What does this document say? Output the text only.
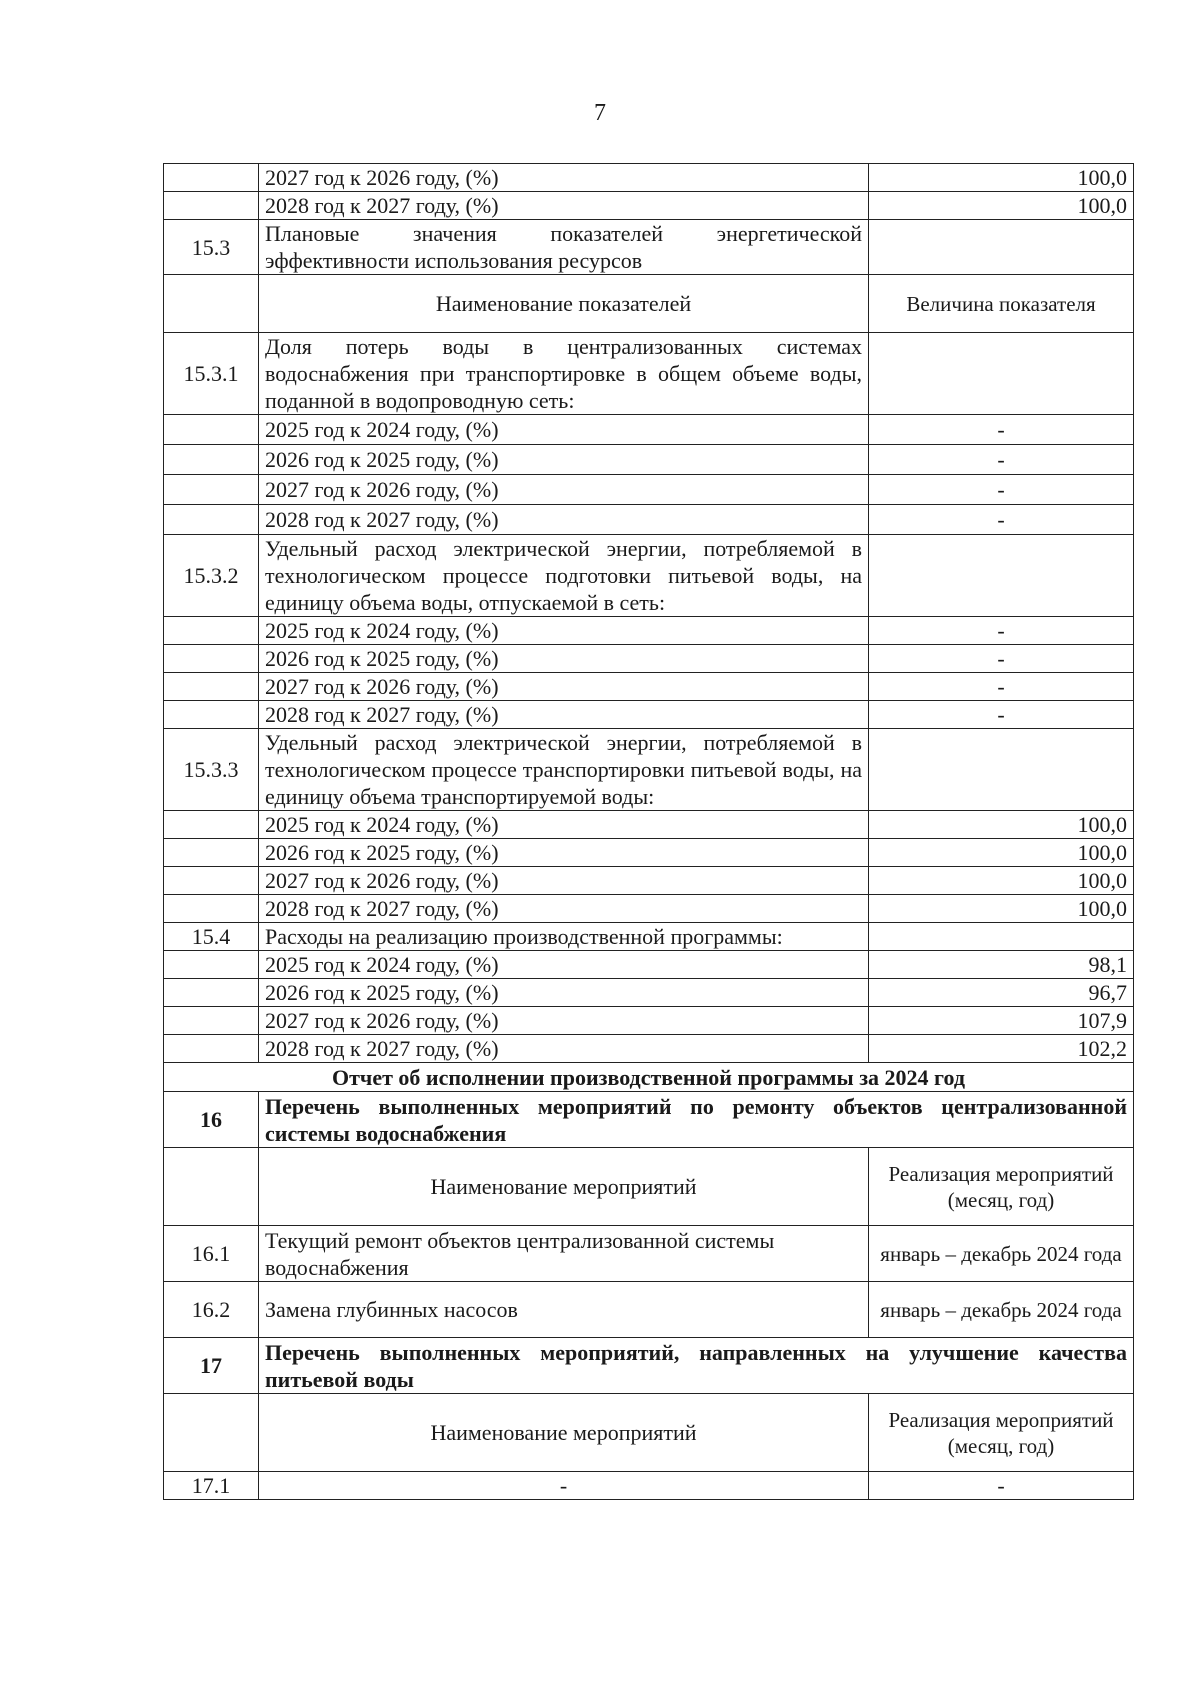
7
	2027 год к 2026 году, (%)	100,0
	2028 год к 2027 году, (%)	100,0
15.3	Плановые значения показателей энергетической эффективности использования ресурсов	
	Наименование показателей	Величина показателя
15.3.1	Доля потерь воды в централизованных системах водоснабжения при транспортировке в общем объеме воды, поданной в водопроводную сеть:	
	2025 год к 2024 году, (%)	-
	2026 год к 2025 году, (%)	-
	2027 год к 2026 году, (%)	-
	2028 год к 2027 году, (%)	-
15.3.2	Удельный расход электрической энергии, потребляемой в технологическом процессе подготовки питьевой воды, на единицу объема воды, отпускаемой в сеть:	
	2025 год к 2024 году, (%)	-
	2026 год к 2025 году, (%)	-
	2027 год к 2026 году, (%)	-
	2028 год к 2027 году, (%)	-
15.3.3	Удельный расход электрической энергии, потребляемой в технологическом процессе транспортировки питьевой воды, на единицу объема транспортируемой воды:	
	2025 год к 2024 году, (%)	100,0
	2026 год к 2025 году, (%)	100,0
	2027 год к 2026 году, (%)	100,0
	2028 год к 2027 году, (%)	100,0
15.4	Расходы на реализацию производственной программы:	
	2025 год к 2024 году, (%)	98,1
	2026 год к 2025 году, (%)	96,7
	2027 год к 2026 году, (%)	107,9
	2028 год к 2027 году, (%)	102,2
Отчет об исполнении производственной программы за 2024 год		
16	Перечень выполненных мероприятий по ремонту объектов централизованной системы водоснабжения	
	Наименование мероприятий	Реализация мероприятий (месяц, год)
16.1	Текущий ремонт объектов централизованной системы водоснабжения	январь – декабрь 2024 года
16.2	Замена глубинных насосов	январь – декабрь 2024 года
17	Перечень выполненных мероприятий, направленных на улучшение качества питьевой воды	
	Наименование мероприятий	Реализация мероприятий (месяц, год)
17.1	-	-
